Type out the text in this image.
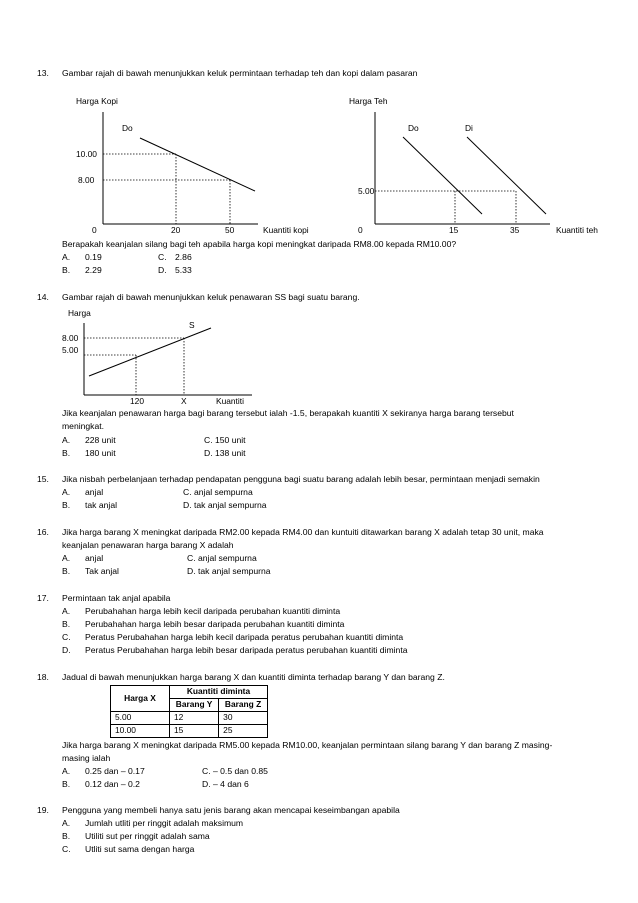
13. Gambar rajah di bawah menunjukkan keluk permintaan terhadap teh dan kopi dalam pasaran
Harga Kopi
Do
10.00
8.00
0	20	50	Kuantiti kopi
Harga Teh
Do	Di
5.00
0	15	35	Kuantiti teh
Berapakah keanjalan silang bagi teh apabila harga kopi meningkat daripada RM8.00 kepada RM10.00?
A. 0.19	C. 2.86
B. 2.29	D. 5.33
14. Gambar rajah di bawah menunjukkan keluk penawaran SS bagi suatu barang.
Harga
S
8.00
5.00
120	X	Kuantiti
Jika keanjalan penawaran harga bagi barang tersebut ialah -1.5, berapakah kuantiti X sekiranya harga barang tersebut
meningkat.
A. 228 unit	C. 150 unit
B. 180 unit	D. 138 unit
15. Jika nisbah perbelanjaan terhadap pendapatan pengguna bagi suatu barang adalah lebih besar, permintaan menjadi semakin
A. anjal	C. anjal sempurna
B. tak anjal	D. tak anjal sempurna
16. Jika harga barang X meningkat daripada RM2.00 kepada RM4.00 dan kuntuiti ditawarkan barang X adalah tetap 30 unit, maka
keanjalan penawaran harga barang X adalah
A. anjal	C. anjal sempurna
B. Tak anjal	D. tak anjal sempurna
17. Permintaan tak anjal apabila
A. Perubahahan harga lebih kecil daripada perubahan kuantiti diminta
B. Perubahahan harga lebih besar daripada perubahan kuantiti diminta
C. Peratus Perubahahan harga lebih kecil daripada peratus perubahan kuantiti diminta
D. Peratus Perubahahan harga lebih besar daripada peratus perubahan kuantiti diminta
18. Jadual di bawah menunjukkan harga barang X dan kuantiti diminta terhadap barang Y dan barang Z.
Harga X	Kuantiti diminta	
	Barang Y	Barang Z
5.00	12	30
10.00	15	25
Jika harga barang X meningkat daripada RM5.00 kepada RM10.00, keanjalan permintaan silang barang Y dan barang Z masing-
masing ialah
A. 0.25 dan – 0.17	C. – 0.5 dan 0.85
B. 0.12 dan – 0.2	D. – 4 dan 6
19. Pengguna yang membeli hanya satu jenis barang akan mencapai keseimbangan apabila
A. Jumlah utliti per ringgit adalah maksimum
B. Utiliti sut per ringgit adalah sama
C. Utliti sut sama dengan harga
